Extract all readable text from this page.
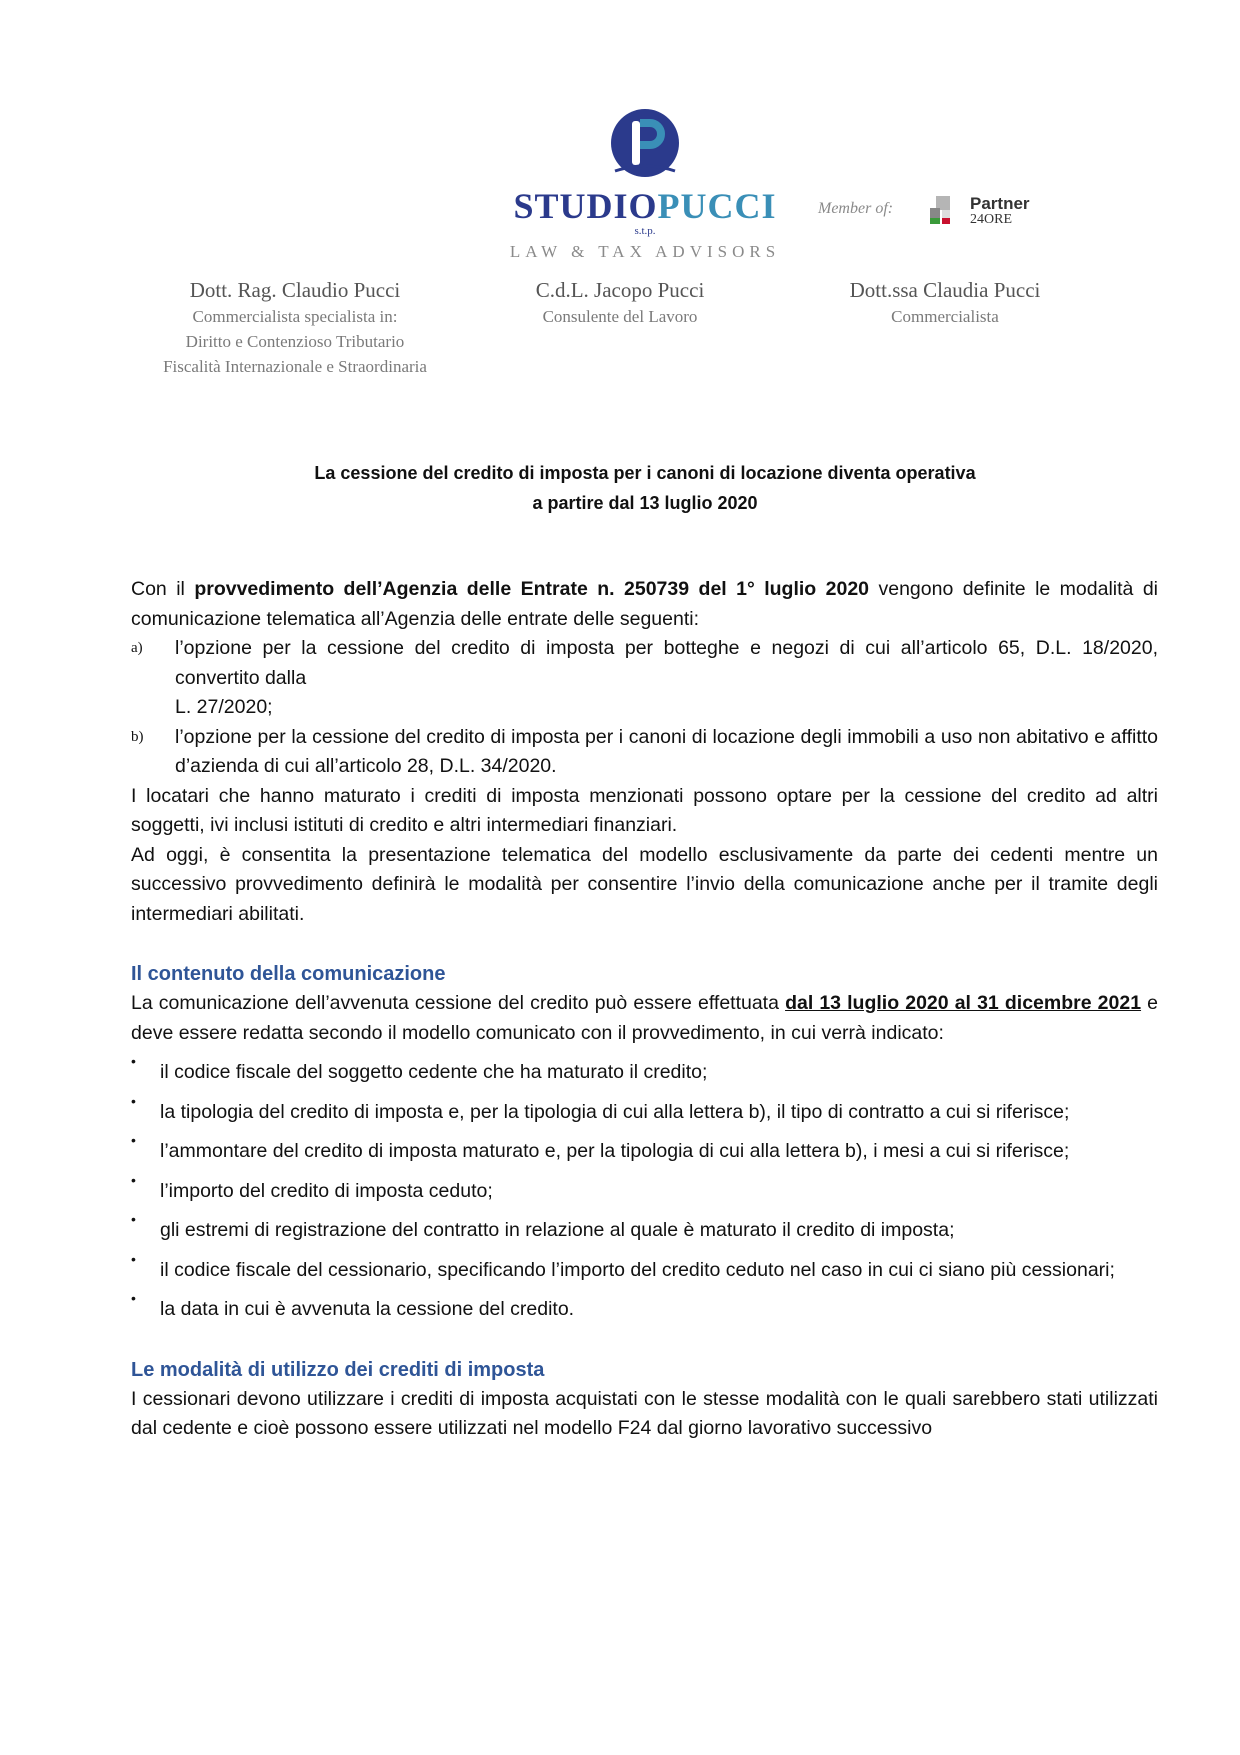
STUDIOPUCCI
s.t.p.
LAW & TAX ADVISORS
Member of:	Partner
24ORE
Dott. Rag. Claudio Pucci
Commercialista specialista in:
Diritto e Contenzioso Tributario
Fiscalità Internazionale e Straordinaria
C.d.L. Jacopo Pucci
Consulente del Lavoro
Dott.ssa Claudia Pucci
Commercialista
La cessione del credito di imposta per i canoni di locazione diventa operativa
a partire dal 13 luglio 2020

Con il provvedimento dell’Agenzia delle Entrate n. 250739 del 1° luglio 2020 vengono definite le modalità di comunicazione telematica all’Agenzia delle entrate delle seguenti:

a)	l’opzione per la cessione del credito di imposta per botteghe e negozi di cui all’articolo 65, D.L. 18/2020, convertito dalla
L. 27/2020;
b)	l’opzione per la cessione del credito di imposta per i canoni di locazione degli immobili a uso non abitativo e affitto d’azienda di cui all’articolo 28, D.L. 34/2020.

I locatari che hanno maturato i crediti di imposta menzionati possono optare per la cessione del credito ad altri soggetti, ivi inclusi istituti di credito e altri intermediari finanziari.

Ad oggi, è consentita la presentazione telematica del modello esclusivamente da parte dei cedenti mentre un successivo provvedimento definirà le modalità per consentire l’invio della comunicazione anche per il tramite degli intermediari abilitati.

Il contenuto della comunicazione

La comunicazione dell’avvenuta cessione del credito può essere effettuata dal 13 luglio 2020 al 31 dicembre 2021 e deve essere redatta secondo il modello comunicato con il provvedimento, in cui verrà indicato:

•	il codice fiscale del soggetto cedente che ha maturato il credito;
•	la tipologia del credito di imposta e, per la tipologia di cui alla lettera b), il tipo di contratto a cui si riferisce;
•	l’ammontare del credito di imposta maturato e, per la tipologia di cui alla lettera b), i mesi a cui si riferisce;
•	l’importo del credito di imposta ceduto;
•	gli estremi di registrazione del contratto in relazione al quale è maturato il credito di imposta;
•	il codice fiscale del cessionario, specificando l’importo del credito ceduto nel caso in cui ci siano più cessionari;
•	la data in cui è avvenuta la cessione del credito.
Le modalità di utilizzo dei crediti di imposta

I cessionari devono utilizzare i crediti di imposta acquistati con le stesse modalità con le quali sarebbero stati utilizzati dal cedente e cioè possono essere utilizzati nel modello F24 dal giorno lavorativo successivo
